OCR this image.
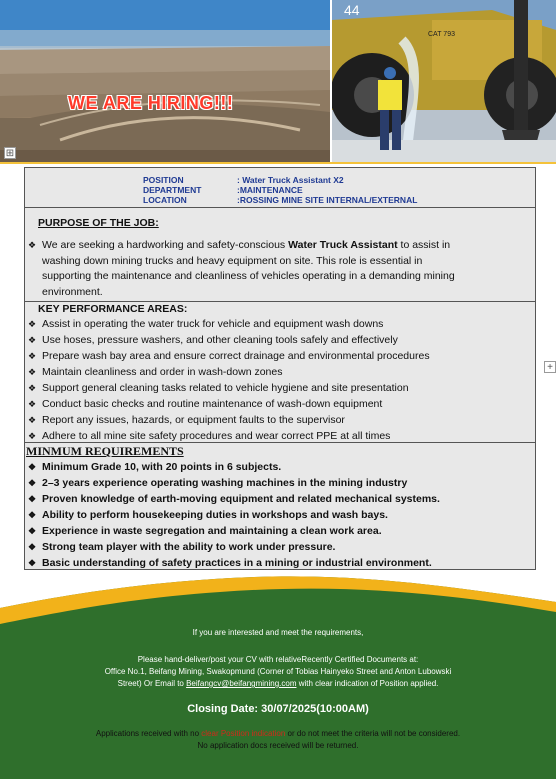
WE ARE HIRING!!!
44
CAT 793
⊞
POSITION	: Water Truck Assistant X2
DEPARTMENT	:MAINTENANCE
LOCATION	:ROSSING MINE SITE INTERNAL/EXTERNAL
PURPOSE OF THE JOB:
❖ We are seeking a hardworking and safety-conscious Water Truck Assistant to assist in
washing down mining trucks and heavy equipment on site. This role is essential in
supporting the maintenance and cleanliness of vehicles operating in a demanding mining
environment.
KEY PERFORMANCE AREAS:
❖ Assist in operating the water truck for vehicle and equipment wash downs
❖ Use hoses, pressure washers, and other cleaning tools safely and effectively
❖ Prepare wash bay area and ensure correct drainage and environmental procedures
❖ Maintain cleanliness and order in wash-down zones
❖ Support general cleaning tasks related to vehicle hygiene and site presentation
❖ Conduct basic checks and routine maintenance of wash-down equipment
❖ Report any issues, hazards, or equipment faults to the supervisor
❖ Adhere to all mine site safety procedures and wear correct PPE at all times
MINMUM REQUIREMENTS
❖ Minimum Grade 10, with 20 points in 6 subjects.
❖ 2–3 years experience operating washing machines in the mining industry
❖ Proven knowledge of earth-moving equipment and related mechanical systems.
❖ Ability to perform housekeeping duties in workshops and wash bays.
❖ Experience in waste segregation and maintaining a clean work area.
❖ Strong team player with the ability to work under pressure.
❖ Basic understanding of safety practices in a mining or industrial environment.
+
If you are interested and meet the requirements,
Please hand-deliver/post your CV with relativeRecently Certified Documents at:
Office No.1, Beifang Mining, Swakopmund (Corner of Tobias Hainyeko Street and Anton Lubowski
Street) Or Email to Beifangcv@beifangmining.com with clear indication of Position applied.
Closing Date: 30/07/2025(10:00AM)
Applications received with no clear Position indication or do not meet the criteria will not be considered.
No application docs received will be returned.
